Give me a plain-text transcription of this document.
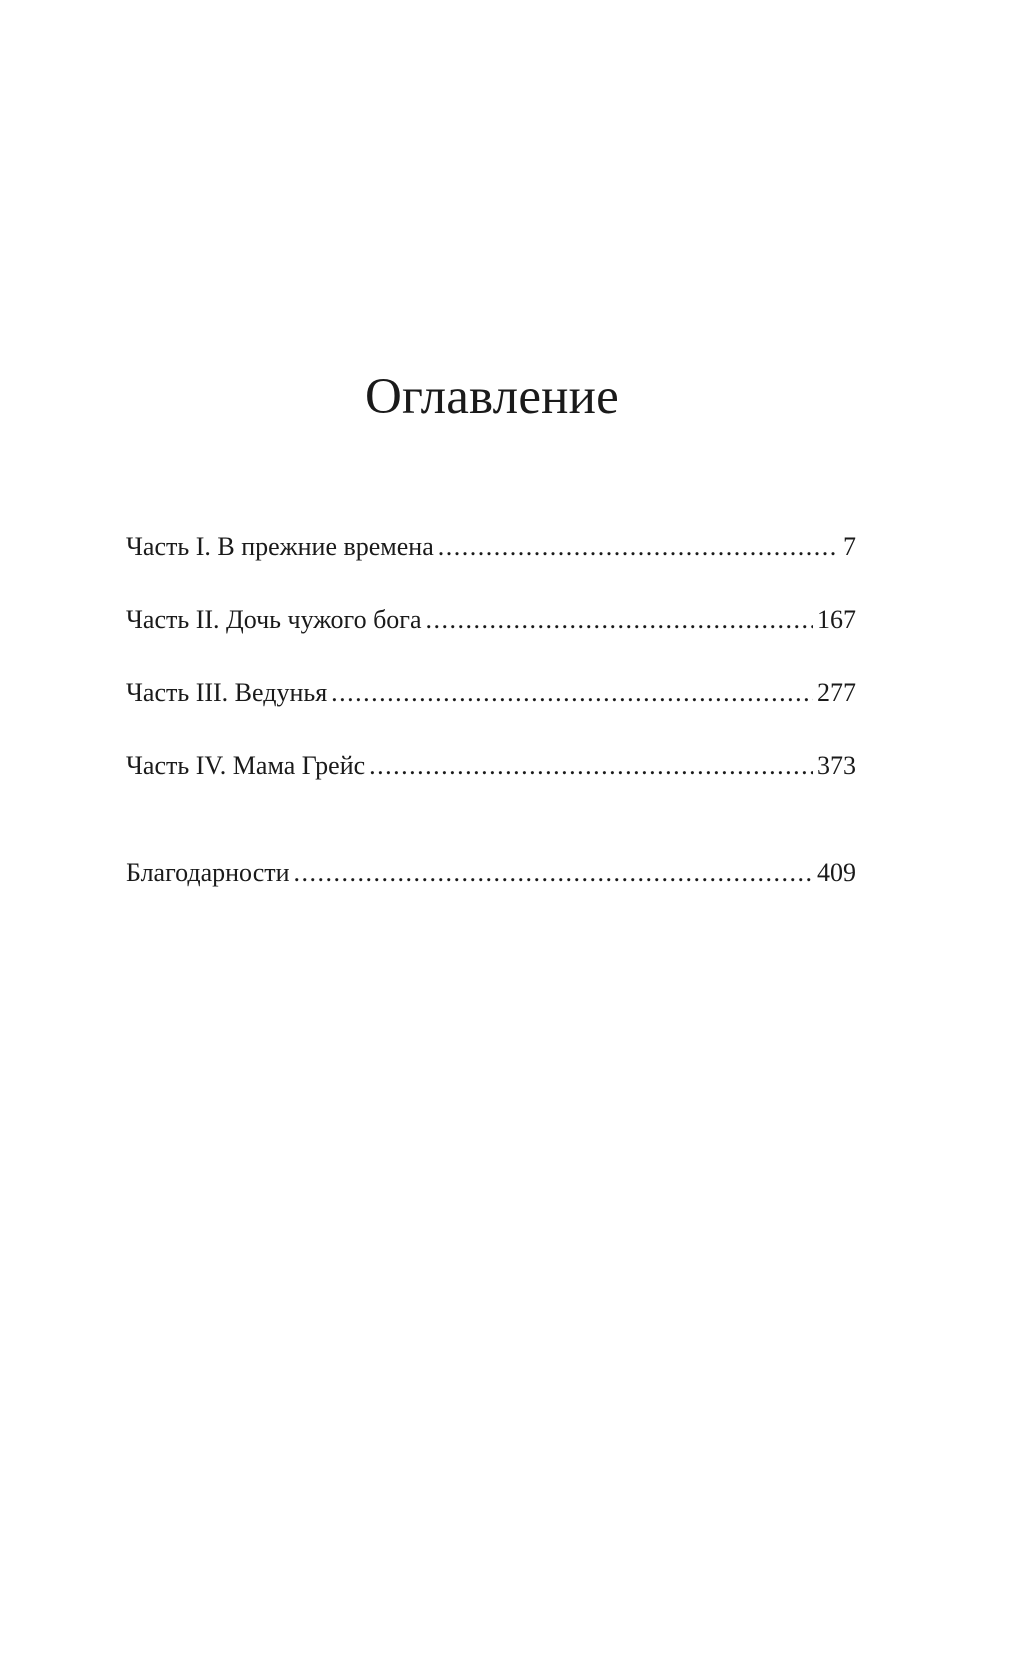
Оглавление
Часть I. В прежние времена .....	7
Часть II. Дочь чужого бога .....	167
Часть III. Ведунья .....	277
Часть IV. Мама Грейс .....	373
Благодарности .....	409
